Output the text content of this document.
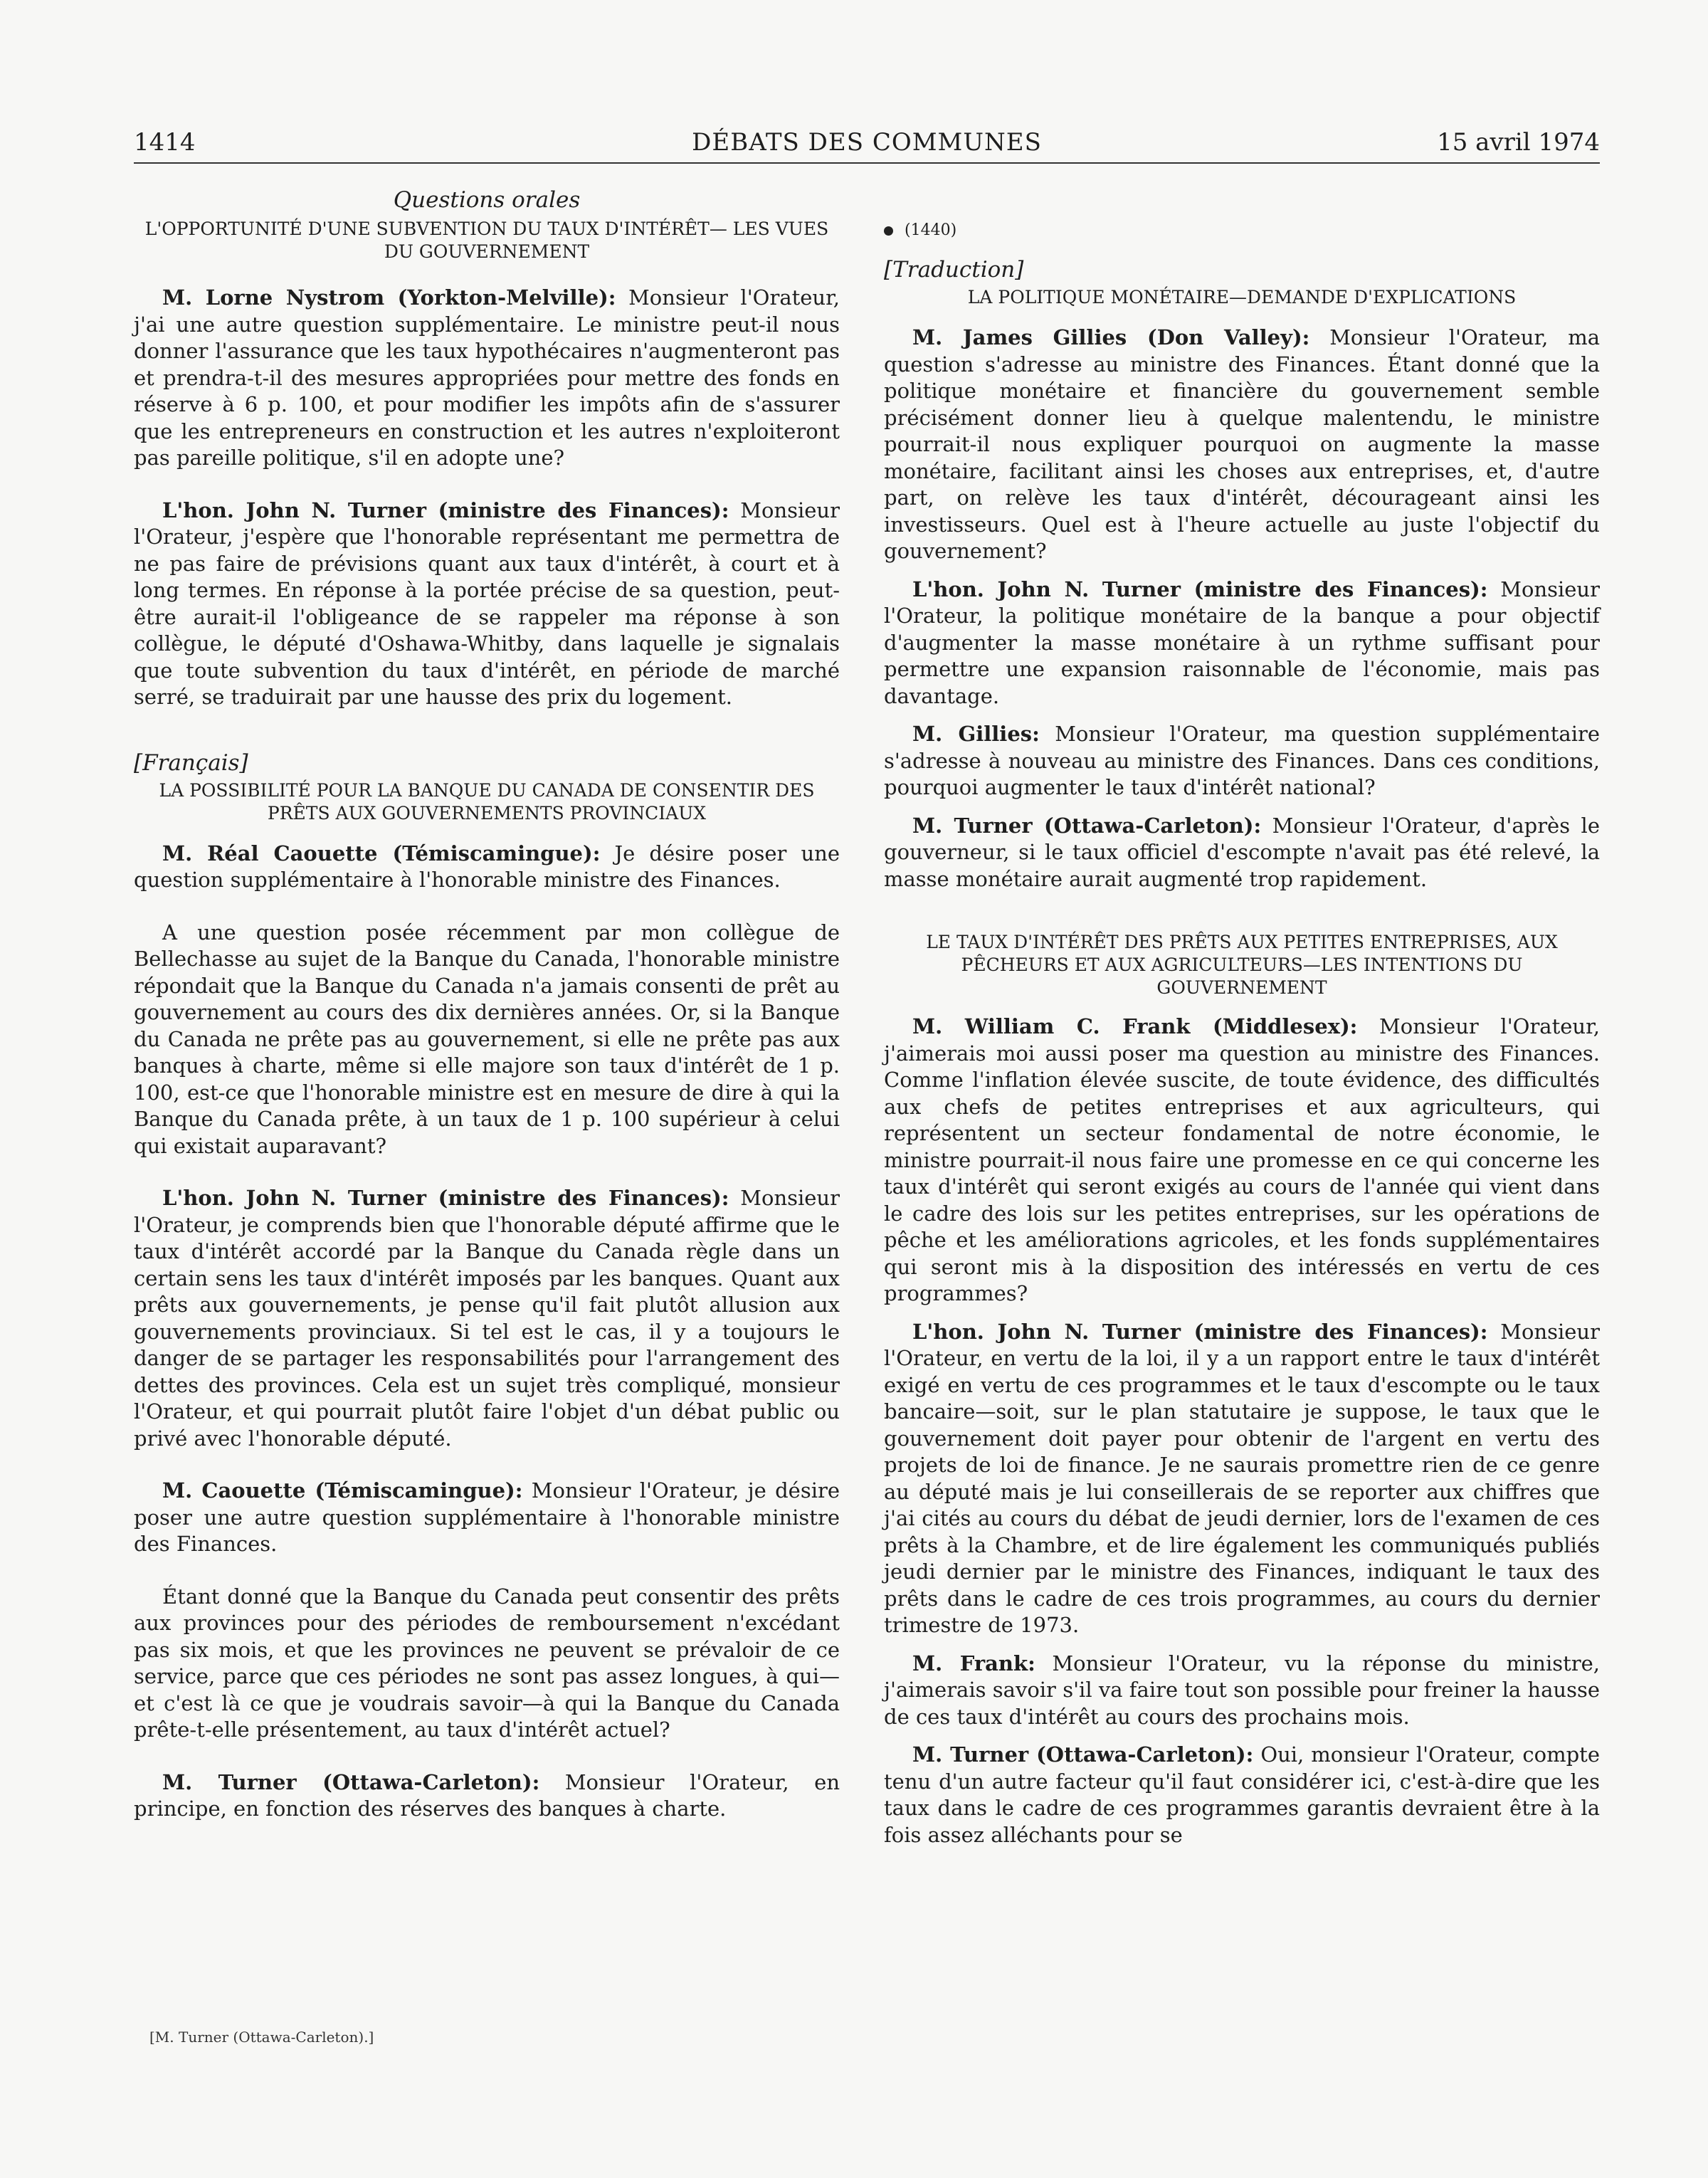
DÉBATS DES COMMUNES
1414	15 avril 1974
Questions orales
L'OPPORTUNITÉ D'UNE SUBVENTION DU TAUX D'INTÉRÊT— LES VUES DU GOUVERNEMENT

M. Lorne Nystrom (Yorkton-Melville): Monsieur l'Orateur, j'ai une autre question supplémentaire. Le ministre peut-il nous donner l'assurance que les taux hypothécaires n'augmenteront pas et prendra-t-il des mesures appropriées pour mettre des fonds en réserve à 6 p. 100, et pour modifier les impôts afin de s'assurer que les entrepreneurs en construction et les autres n'exploiteront pas pareille politique, s'il en adopte une?

L'hon. John N. Turner (ministre des Finances): Monsieur l'Orateur, j'espère que l'honorable représentant me permettra de ne pas faire de prévisions quant aux taux d'intérêt, à court et à long termes. En réponse à la portée précise de sa question, peut-être aurait-il l'obligeance de se rappeler ma réponse à son collègue, le député d'Oshawa-Whitby, dans laquelle je signalais que toute subvention du taux d'intérêt, en période de marché serré, se traduirait par une hausse des prix du logement.

[Français]
LA POSSIBILITÉ POUR LA BANQUE DU CANADA DE CONSENTIR DES PRÊTS AUX GOUVERNEMENTS PROVINCIAUX

M. Réal Caouette (Témiscamingue): Je désire poser une question supplémentaire à l'honorable ministre des Finances.

A une question posée récemment par mon collègue de Bellechasse au sujet de la Banque du Canada, l'honorable ministre répondait que la Banque du Canada n'a jamais consenti de prêt au gouvernement au cours des dix dernières années. Or, si la Banque du Canada ne prête pas au gouvernement, si elle ne prête pas aux banques à charte, même si elle majore son taux d'intérêt de 1 p. 100, est-ce que l'honorable ministre est en mesure de dire à qui la Banque du Canada prête, à un taux de 1 p. 100 supérieur à celui qui existait auparavant?

L'hon. John N. Turner (ministre des Finances): Monsieur l'Orateur, je comprends bien que l'honorable député affirme que le taux d'intérêt accordé par la Banque du Canada règle dans un certain sens les taux d'intérêt imposés par les banques. Quant aux prêts aux gouvernements, je pense qu'il fait plutôt allusion aux gouvernements provinciaux. Si tel est le cas, il y a toujours le danger de se partager les responsabilités pour l'arrangement des dettes des provinces. Cela est un sujet très compliqué, monsieur l'Orateur, et qui pourrait plutôt faire l'objet d'un débat public ou privé avec l'honorable député.

M. Caouette (Témiscamingue): Monsieur l'Orateur, je désire poser une autre question supplémentaire à l'honorable ministre des Finances.

Étant donné que la Banque du Canada peut consentir des prêts aux provinces pour des périodes de remboursement n'excédant pas six mois, et que les provinces ne peuvent se prévaloir de ce service, parce que ces périodes ne sont pas assez longues, à qui—et c'est là ce que je voudrais savoir—à qui la Banque du Canada prête-t-elle présentement, au taux d'intérêt actuel?

M. Turner (Ottawa-Carleton): Monsieur l'Orateur, en principe, en fonction des réserves des banques à charte.

(1440)
[Traduction]
LA POLITIQUE MONÉTAIRE—DEMANDE D'EXPLICATIONS

M. James Gillies (Don Valley): Monsieur l'Orateur, ma question s'adresse au ministre des Finances. Étant donné que la politique monétaire et financière du gouvernement semble précisément donner lieu à quelque malentendu, le ministre pourrait-il nous expliquer pourquoi on augmente la masse monétaire, facilitant ainsi les choses aux entreprises, et, d'autre part, on relève les taux d'intérêt, décourageant ainsi les investisseurs. Quel est à l'heure actuelle au juste l'objectif du gouvernement?

L'hon. John N. Turner (ministre des Finances): Monsieur l'Orateur, la politique monétaire de la banque a pour objectif d'augmenter la masse monétaire à un rythme suffisant pour permettre une expansion raisonnable de l'économie, mais pas davantage.

M. Gillies: Monsieur l'Orateur, ma question supplémentaire s'adresse à nouveau au ministre des Finances. Dans ces conditions, pourquoi augmenter le taux d'intérêt national?

M. Turner (Ottawa-Carleton): Monsieur l'Orateur, d'après le gouverneur, si le taux officiel d'escompte n'avait pas été relevé, la masse monétaire aurait augmenté trop rapidement.

LE TAUX D'INTÉRÊT DES PRÊTS AUX PETITES ENTREPRISES, AUX PÊCHEURS ET AUX AGRICULTEURS—LES INTENTIONS DU GOUVERNEMENT

M. William C. Frank (Middlesex): Monsieur l'Orateur, j'aimerais moi aussi poser ma question au ministre des Finances. Comme l'inflation élevée suscite, de toute évidence, des difficultés aux chefs de petites entreprises et aux agriculteurs, qui représentent un secteur fondamental de notre économie, le ministre pourrait-il nous faire une promesse en ce qui concerne les taux d'intérêt qui seront exigés au cours de l'année qui vient dans le cadre des lois sur les petites entreprises, sur les opérations de pêche et les améliorations agricoles, et les fonds supplémentaires qui seront mis à la disposition des intéressés en vertu de ces programmes?

L'hon. John N. Turner (ministre des Finances): Monsieur l'Orateur, en vertu de la loi, il y a un rapport entre le taux d'intérêt exigé en vertu de ces programmes et le taux d'escompte ou le taux bancaire—soit, sur le plan statutaire je suppose, le taux que le gouvernement doit payer pour obtenir de l'argent en vertu des projets de loi de finance. Je ne saurais promettre rien de ce genre au député mais je lui conseillerais de se reporter aux chiffres que j'ai cités au cours du débat de jeudi dernier, lors de l'examen de ces prêts à la Chambre, et de lire également les communiqués publiés jeudi dernier par le ministre des Finances, indiquant le taux des prêts dans le cadre de ces trois programmes, au cours du dernier trimestre de 1973.

M. Frank: Monsieur l'Orateur, vu la réponse du ministre, j'aimerais savoir s'il va faire tout son possible pour freiner la hausse de ces taux d'intérêt au cours des prochains mois.

M. Turner (Ottawa-Carleton): Oui, monsieur l'Orateur, compte tenu d'un autre facteur qu'il faut considérer ici, c'est-à-dire que les taux dans le cadre de ces programmes garantis devraient être à la fois assez alléchants pour se

[M. Turner (Ottawa-Carleton).]
